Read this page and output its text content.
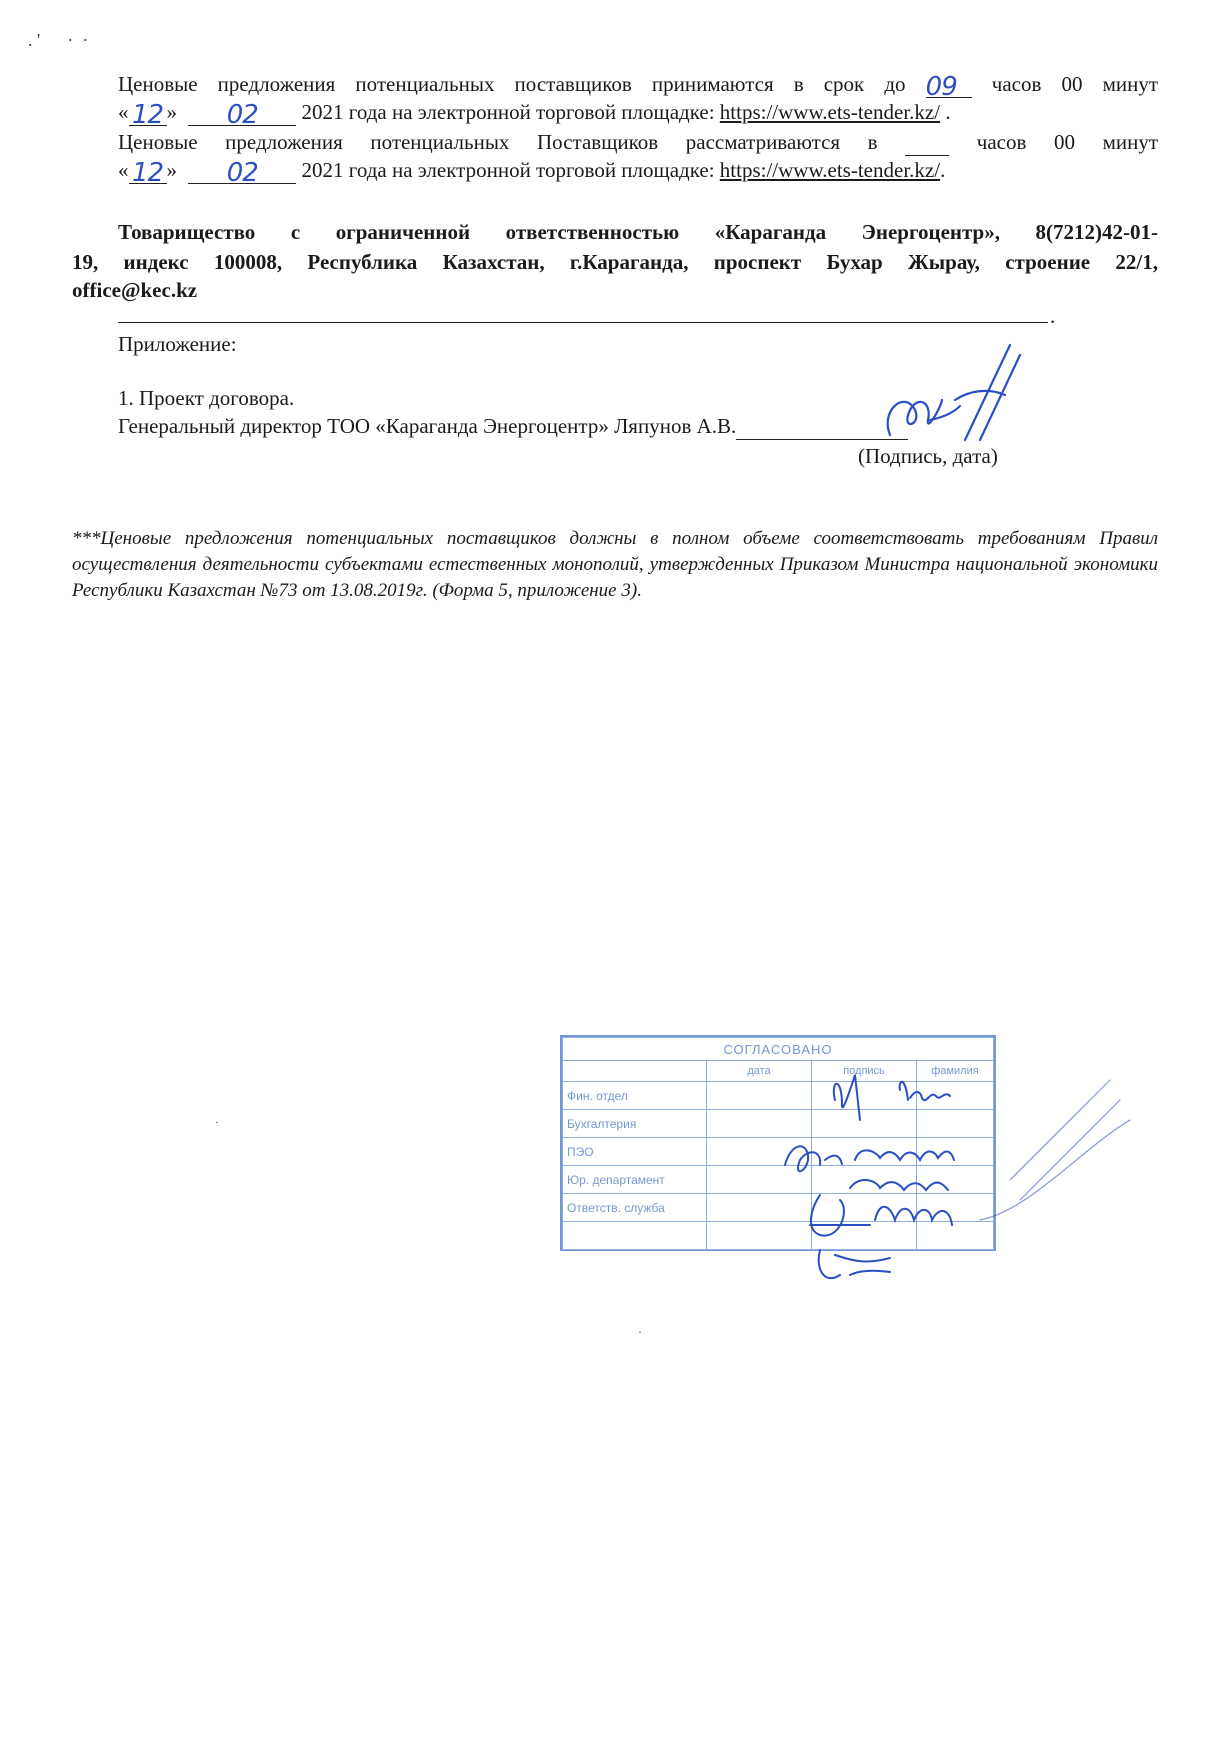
. '      ·  ·
Ценовые предложения потенциальных поставщиков принимаются в срок до 09 часов 00 минут
« 12 » 02 2021 года на электронной торговой площадке: https://www.ets-tender.kz/ .
Ценовые предложения потенциальных Поставщиков рассматриваются в	часов 00 минут
« 12 » 02 2021 года на электронной торговой площадке: https://www.ets-tender.kz/.
Товарищество с ограниченной ответственностью «Караганда Энергоцентр», 8(7212)42-01-
19, индекс 100008, Республика Казахстан, г.Караганда, проспект Бухар Жырау, строение 22/1,
office@kec.kz
.
Приложение:
1. Проект договора.
Генеральный директор ТОО «Караганда Энергоцентр» Ляпунов А.В.
(Подпись, дата)
***Ценовые предложения потенциальных поставщиков должны в полном объеме соответствовать требованиям Правил осуществления деятельности субъектами естественных монополий, утвержденных Приказом Министра национальной экономики Республики Казахстан №73 от 13.08.2019г. (Форма 5, приложение 3).
СОГЛАСОВАНО			
	дата	подпись	фамилия
Фин. отдел			
Бухгалтерия			
ПЭО			
Юр. департамент			
Ответств. служба			

·
·
